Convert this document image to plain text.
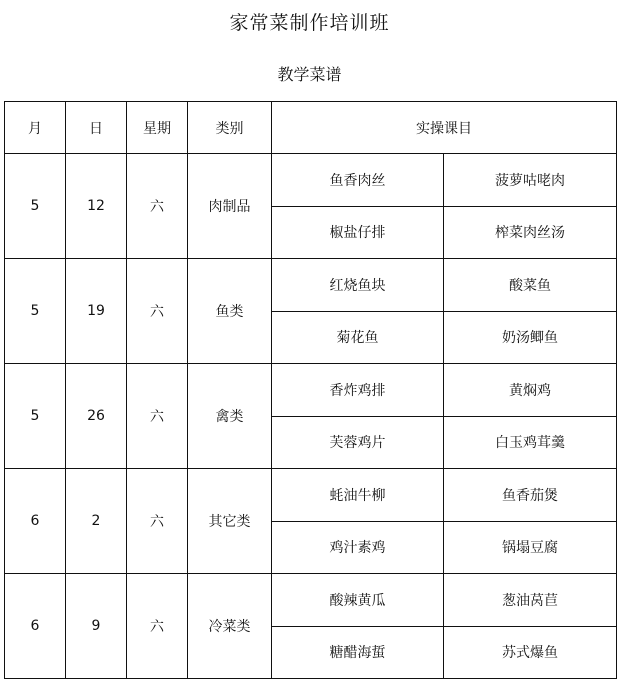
家常菜制作培训班
教学菜谱
月	日	星期	类别	实操课目	
5	12	六	肉制品	鱼香肉丝	菠萝咕咾肉
				椒盐仔排	榨菜肉丝汤
5	19	六	鱼类	红烧鱼块	酸菜鱼
				菊花鱼	奶汤鲫鱼
5	26	六	禽类	香炸鸡排	黄焖鸡
				芙蓉鸡片	白玉鸡茸羹
6	2	六	其它类	蚝油牛柳	鱼香茄煲
				鸡汁素鸡	锅塌豆腐
6	9	六	冷菜类	酸辣黄瓜	葱油莴苣
				糖醋海蜇	苏式爆鱼
